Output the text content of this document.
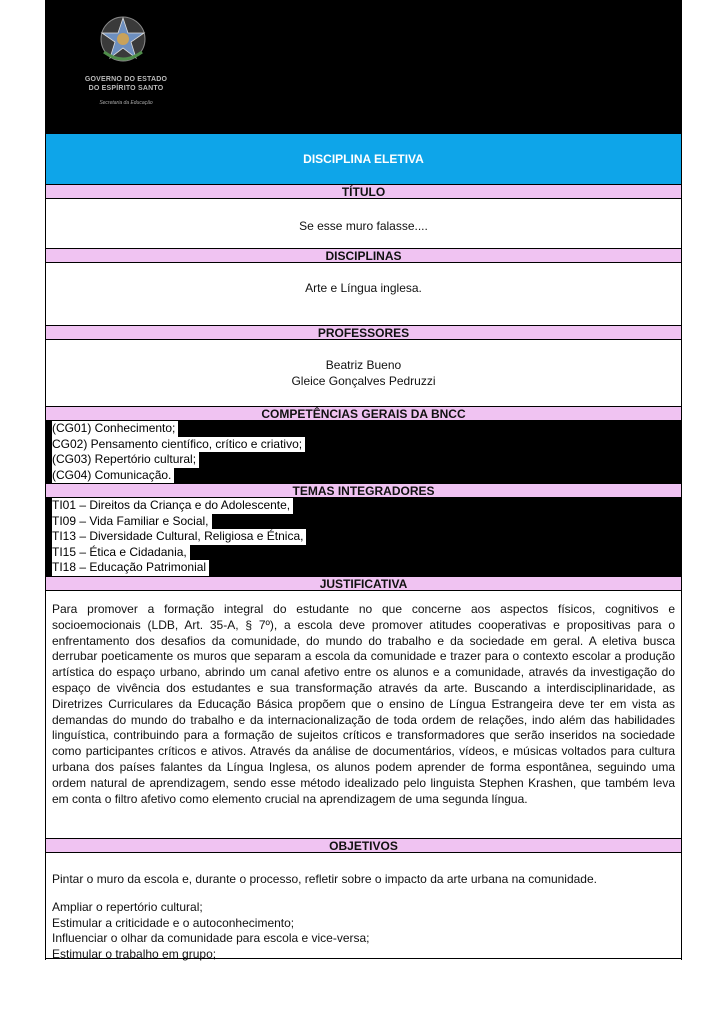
GOVERNO DO ESTADO
DO ESPÍRITO SANTO
Secretaria da Educação
DISCIPLINA ELETIVA
TÍTULO
Se esse muro falasse....
DISCIPLINAS
Arte e Língua inglesa.
PROFESSORES
Beatriz Bueno
Gleice Gonçalves Pedruzzi
COMPETÊNCIAS GERAIS DA BNCC
(CG01) Conhecimento;
CG02) Pensamento científico, crítico e criativo;
(CG03) Repertório cultural;
(CG04) Comunicação.
TEMAS INTEGRADORES
TI01 – Direitos da Criança e do Adolescente,
TI09 – Vida Familiar e Social,
TI13 – Diversidade Cultural, Religiosa e Étnica,
TI15 – Ética e Cidadania,
TI18 – Educação Patrimonial
JUSTIFICATIVA
Para promover a formação integral do estudante no que concerne aos aspectos físicos, cognitivos e socioemocionais (LDB, Art. 35-A, § 7º), a escola deve promover atitudes cooperativas e propositivas para o enfrentamento dos desafios da comunidade, do mundo do trabalho e da sociedade em geral. A eletiva busca derrubar poeticamente os muros que separam a escola da comunidade e trazer para o contexto escolar a produção artística do espaço urbano, abrindo um canal afetivo entre os alunos e a comunidade, através da investigação do espaço de vivência dos estudantes e sua transformação através da arte. Buscando a interdisciplinaridade, as Diretrizes Curriculares da Educação Básica propõem que o ensino de Língua Estrangeira deve ter em vista as demandas do mundo do trabalho e da internacionalização de toda ordem de relações, indo além das habilidades linguística, contribuindo para a formação de sujeitos críticos e transformadores que serão inseridos na sociedade como participantes críticos e ativos. Através da análise de documentários, vídeos, e músicas voltados para cultura urbana dos países falantes da Língua Inglesa, os alunos podem aprender de forma espontânea, seguindo uma ordem natural de aprendizagem, sendo esse método idealizado pelo linguista Stephen Krashen, que também leva em conta o filtro afetivo como elemento crucial na aprendizagem de uma segunda língua.
OBJETIVOS
Pintar o muro da escola e, durante o processo, refletir sobre o impacto da arte urbana na comunidade.
Ampliar o repertório cultural;
Estimular a criticidade e o autoconhecimento;
Influenciar o olhar da comunidade para escola e vice-versa;
Estimular o trabalho em grupo;
